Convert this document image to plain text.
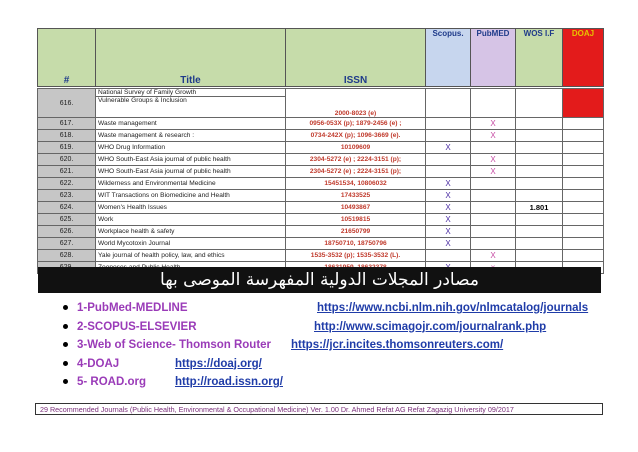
#	Title	ISSN	Scopus.	PubMED	WOS I.F	DOAJ
616.	National Survey of Family Growth
Vulnerable Groups & Inclusion	2000-8023 (e)				
617.	Waste management	0956-053X (p); 1879-2456 (e) ;		X		
618.	Waste management & research :	0734-242X (p); 1096-3669 (e).		X		
619.	WHO Drug Information	10109609	X			
620.	WHO South-East Asia journal of public health	2304-5272 (e) ; 2224-3151 (p);		X		
621.	WHO South-East Asia journal of public health	2304-5272 (e) ; 2224-3151 (p);		X		
622.	Wilderness and Environmental Medicine	15451534, 10806032	X			
623.	WIT Transactions on Biomedicine and Health	17433525	X			
624.	Women's Health Issues	10493867	X		1.801	
625.	Work	10519815	X			
626.	Workplace health & safety	21650799	X			
627.	World Mycotoxin Journal	18750710, 18750796	X			
628.	Yale journal of health policy, law, and ethics	1535-3532 (p); 1535-3532 (L).		X		

مصادر المجلات الدولية المفهرسة الموصى بها
1-PubMed-MEDLINE	https://www.ncbi.nlm.nih.gov/nlmcatalog/journals
2-SCOPUS-ELSEVIER	http://www.scimagojr.com/journalrank.php
3-Web of Science- Thomson Router https://jcr.incites.thomsonreuters.com/
4-DOAJ	https://doaj.org/
5- ROAD.org	http://road.issn.org/
29 Recommended Journals (Public Health, Environmental & Occupational Medicine) Ver. 1.00 Dr. Ahmed Refat AG Refat Zagazig University 09/2017
